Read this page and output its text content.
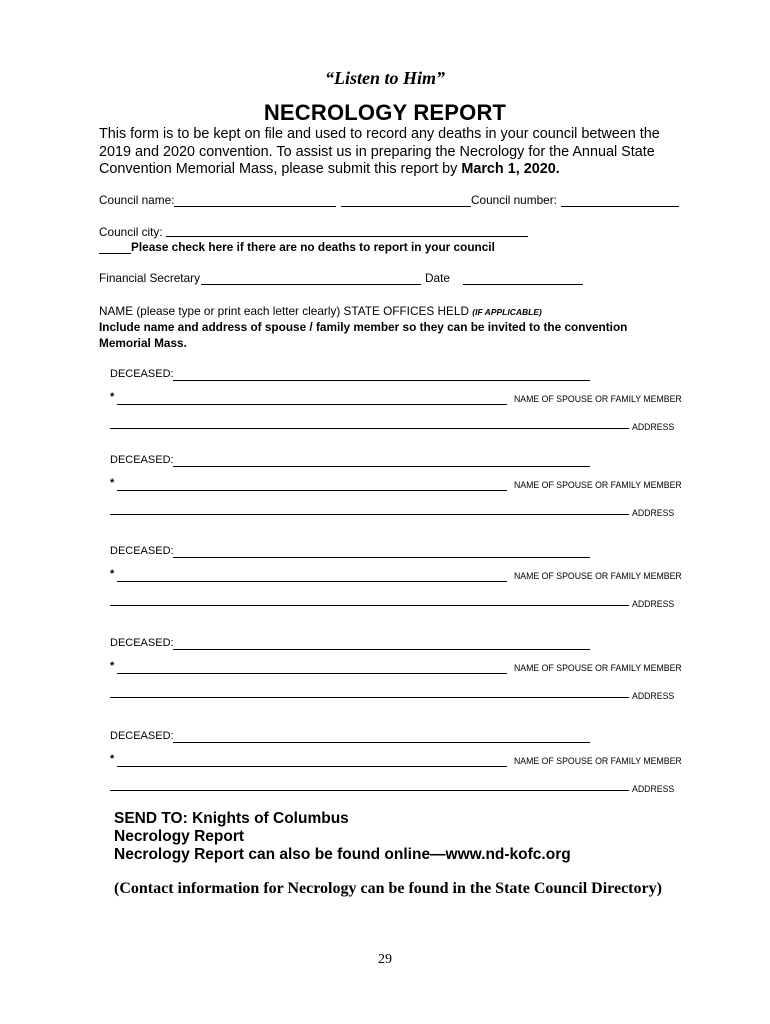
“Listen to Him”
NECROLOGY REPORT
This form is to be kept on file and used to record any deaths in your council between the 2019 and 2020 convention. To assist us in preparing the Necrology for the Annual State Convention Memorial Mass, please submit this report by March 1, 2020.
Council name:	Council number:
Council city:
Please check here if there are no deaths to report in your council
Financial Secretary	Date
NAME (please type or print each letter clearly) STATE OFFICES HELD (IF APPLICABLE)
Include name and address of spouse / family member so they can be invited to the convention
Memorial Mass.
DECEASED:
*	NAME OF SPOUSE OR FAMILY MEMBER
ADDRESS
DECEASED:
*	NAME OF SPOUSE OR FAMILY MEMBER
ADDRESS
DECEASED:
*	NAME OF SPOUSE OR FAMILY MEMBER
ADDRESS
DECEASED:
*	NAME OF SPOUSE OR FAMILY MEMBER
ADDRESS
DECEASED:
*	NAME OF SPOUSE OR FAMILY MEMBER
ADDRESS
SEND TO: Knights of Columbus
Necrology Report
Necrology Report can also be found online—www.nd-kofc.org
(Contact information for Necrology can be found in the State Council Directory)
29
